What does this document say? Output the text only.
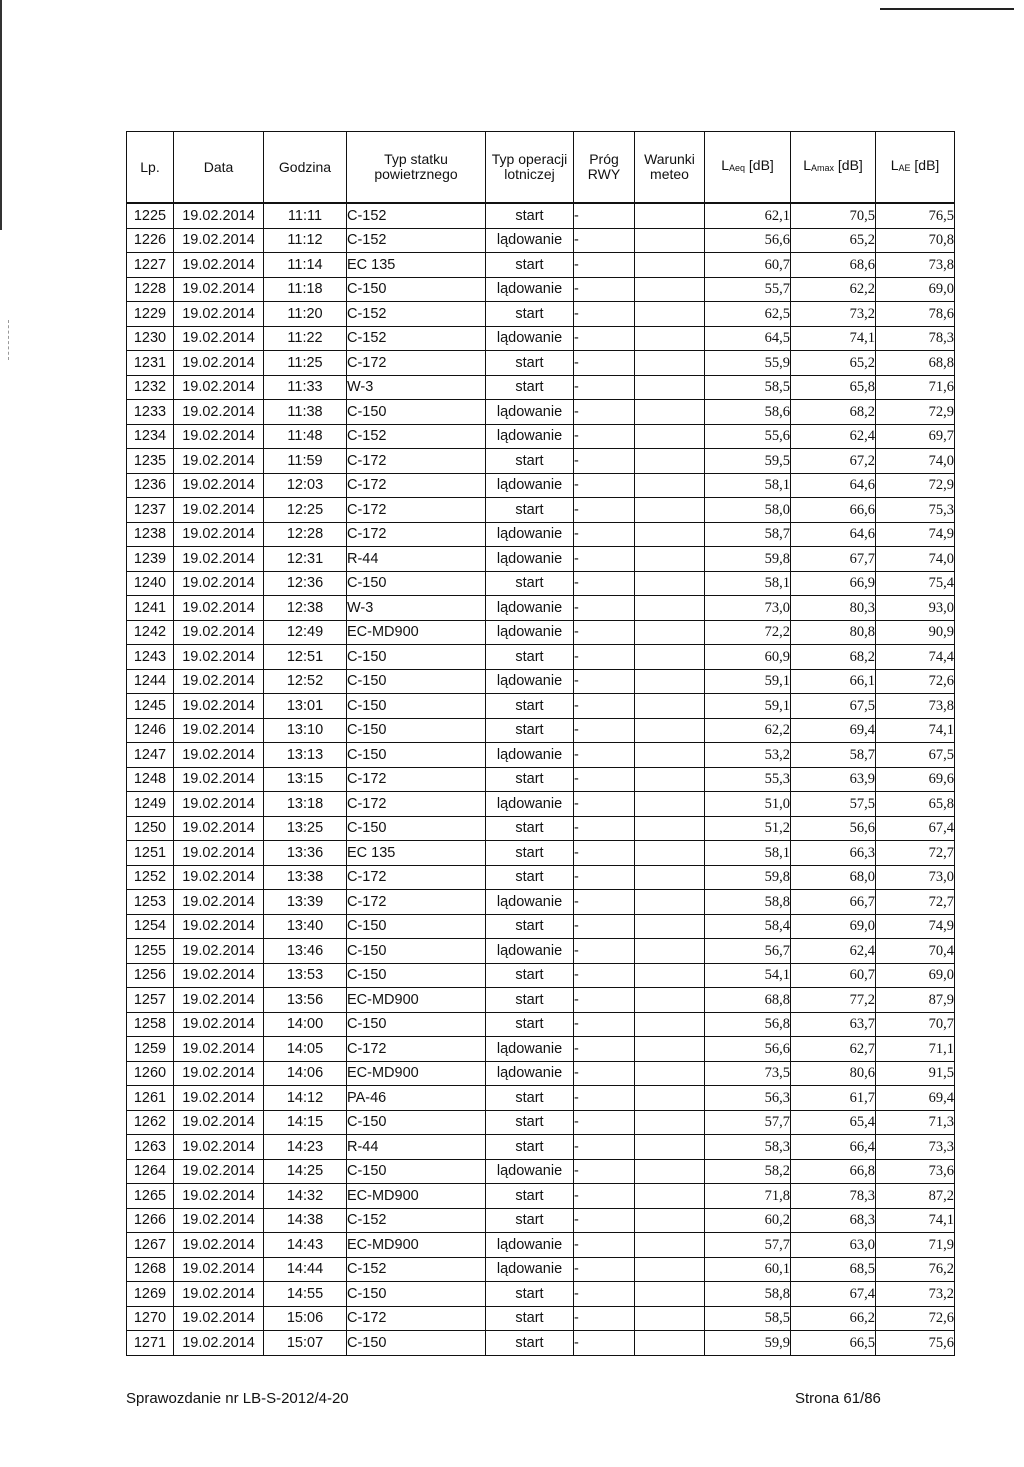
Lp.	Data	Godzina	Typ statku powietrznego	Typ operacji lotniczej	Próg RWY	Warunki meteo	$L_{Aeq}$ [dB]	$L_{Amax}$ [dB]	$L_{AE}$ [dB]
1225	19.02.2014	11:11	C-152	start	-		62,1	70,5	76,5
1226	19.02.2014	11:12	C-152	lądowanie	-		56,6	65,2	70,8
1227	19.02.2014	11:14	EC 135	start	-		60,7	68,6	73,8
1228	19.02.2014	11:18	C-150	lądowanie	-		55,7	62,2	69,0
1229	19.02.2014	11:20	C-152	start	-		62,5	73,2	78,6
1230	19.02.2014	11:22	C-152	lądowanie	-		64,5	74,1	78,3
1231	19.02.2014	11:25	C-172	start	-		55,9	65,2	68,8
1232	19.02.2014	11:33	W-3	start	-		58,5	65,8	71,6
1233	19.02.2014	11:38	C-150	lądowanie	-		58,6	68,2	72,9
1234	19.02.2014	11:48	C-152	lądowanie	-		55,6	62,4	69,7
1235	19.02.2014	11:59	C-172	start	-		59,5	67,2	74,0
1236	19.02.2014	12:03	C-172	lądowanie	-		58,1	64,6	72,9
1237	19.02.2014	12:25	C-172	start	-		58,0	66,6	75,3
1238	19.02.2014	12:28	C-172	lądowanie	-		58,7	64,6	74,9
1239	19.02.2014	12:31	R-44	lądowanie	-		59,8	67,7	74,0
1240	19.02.2014	12:36	C-150	start	-		58,1	66,9	75,4
1241	19.02.2014	12:38	W-3	lądowanie	-		73,0	80,3	93,0
1242	19.02.2014	12:49	EC-MD900	lądowanie	-		72,2	80,8	90,9
1243	19.02.2014	12:51	C-150	start	-		60,9	68,2	74,4
1244	19.02.2014	12:52	C-150	lądowanie	-		59,1	66,1	72,6
1245	19.02.2014	13:01	C-150	start	-		59,1	67,5	73,8
1246	19.02.2014	13:10	C-150	start	-		62,2	69,4	74,1
1247	19.02.2014	13:13	C-150	lądowanie	-		53,2	58,7	67,5
1248	19.02.2014	13:15	C-172	start	-		55,3	63,9	69,6
1249	19.02.2014	13:18	C-172	lądowanie	-		51,0	57,5	65,8
1250	19.02.2014	13:25	C-150	start	-		51,2	56,6	67,4
1251	19.02.2014	13:36	EC 135	start	-		58,1	66,3	72,7
1252	19.02.2014	13:38	C-172	start	-		59,8	68,0	73,0
1253	19.02.2014	13:39	C-172	lądowanie	-		58,8	66,7	72,7
1254	19.02.2014	13:40	C-150	start	-		58,4	69,0	74,9
1255	19.02.2014	13:46	C-150	lądowanie	-		56,7	62,4	70,4
1256	19.02.2014	13:53	C-150	start	-		54,1	60,7	69,0
1257	19.02.2014	13:56	EC-MD900	start	-		68,8	77,2	87,9
1258	19.02.2014	14:00	C-150	start	-		56,8	63,7	70,7
1259	19.02.2014	14:05	C-172	lądowanie	-		56,6	62,7	71,1
1260	19.02.2014	14:06	EC-MD900	lądowanie	-		73,5	80,6	91,5
1261	19.02.2014	14:12	PA-46	start	-		56,3	61,7	69,4
1262	19.02.2014	14:15	C-150	start	-		57,7	65,4	71,3
1263	19.02.2014	14:23	R-44	start	-		58,3	66,4	73,3
1264	19.02.2014	14:25	C-150	lądowanie	-		58,2	66,8	73,6
1265	19.02.2014	14:32	EC-MD900	start	-		71,8	78,3	87,2
1266	19.02.2014	14:38	C-152	start	-		60,2	68,3	74,1
1267	19.02.2014	14:43	EC-MD900	lądowanie	-		57,7	63,0	71,9
1268	19.02.2014	14:44	C-152	lądowanie	-		60,1	68,5	76,2
1269	19.02.2014	14:55	C-150	start	-		58,8	67,4	73,2
1270	19.02.2014	15:06	C-172	start	-		58,5	66,2	72,6
1271	19.02.2014	15:07	C-150	start	-		59,9	66,5	75,6
Sprawozdanie nr LB-S-2012/4-20	Strona 61/86
